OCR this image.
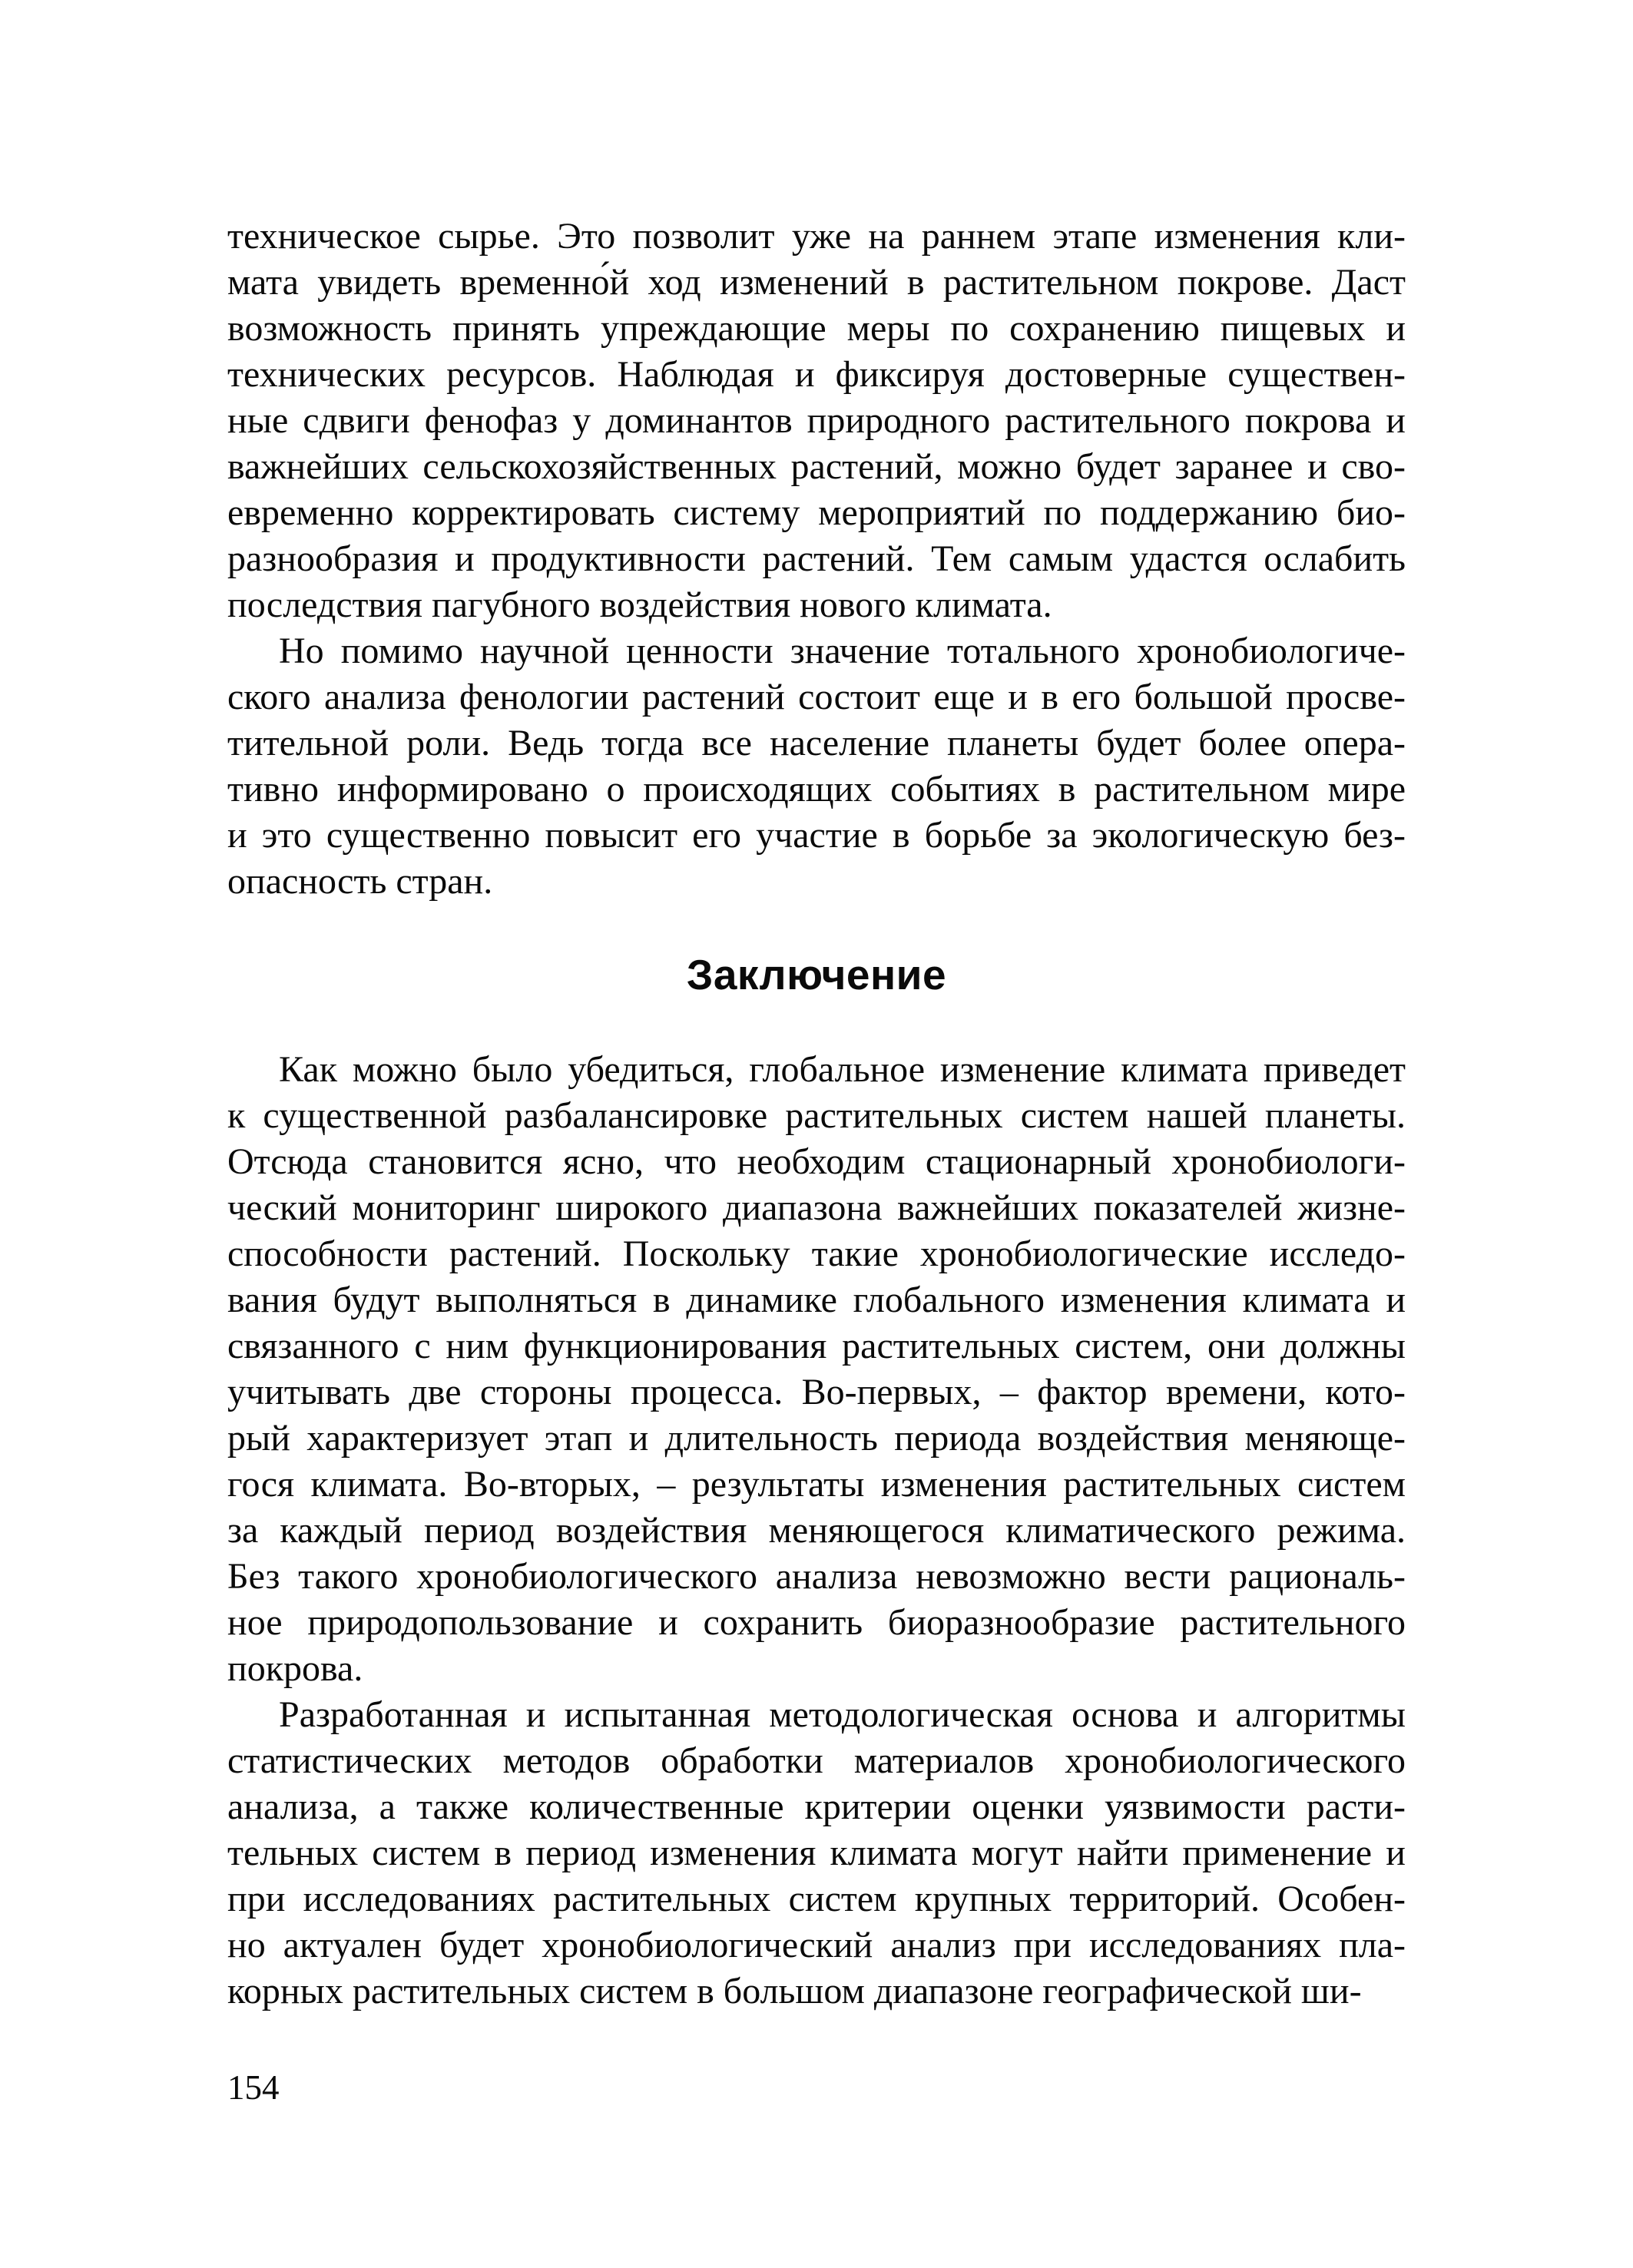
техническое сырье. Это позволит уже на раннем этапе изменения кли-
мата увидеть временно́й ход изменений в растительном покрове. Даст
возможность принять упреждающие меры по сохранению пищевых и
технических ресурсов. Наблюдая и фиксируя достоверные существен-
ные сдвиги фенофаз у доминантов природного растительного покрова и
важнейших сельскохозяйственных растений, можно будет заранее и сво-
евременно корректировать систему мероприятий по поддержанию био-
разнообразия и продуктивности растений. Тем самым удастся ослабить
последствия пагубного воздействия нового климата.
Но помимо научной ценности значение тотального хронобиологиче-
ского анализа фенологии растений состоит еще и в его большой просве-
тительной роли. Ведь тогда все население планеты будет более опера-
тивно информировано о происходящих событиях в растительном мире
и это существенно повысит его участие в борьбе за экологическую без-
опасность стран.
Заключение
Как можно было убедиться, глобальное изменение климата приведет
к существенной разбалансировке растительных систем нашей планеты.
Отсюда становится ясно, что необходим стационарный хронобиологи-
ческий мониторинг широкого диапазона важнейших показателей жизне-
способности растений. Поскольку такие хронобиологические исследо-
вания будут выполняться в динамике глобального изменения климата и
связанного с ним функционирования растительных систем, они должны
учитывать две стороны процесса. Во-первых, – фактор времени, кото-
рый характеризует этап и длительность периода воздействия меняюще-
гося климата. Во-вторых, – результаты изменения растительных систем
за каждый период воздействия меняющегося климатического режима.
Без такого хронобиологического анализа невозможно вести рациональ-
ное природопользование и сохранить биоразнообразие растительного
покрова.
Разработанная и испытанная методологическая основа и алгоритмы
статистических методов обработки материалов хронобиологического
анализа, а также количественные критерии оценки уязвимости расти-
тельных систем в период изменения климата могут найти применение и
при исследованиях растительных систем крупных территорий. Особен-
но актуален будет хронобиологический анализ при исследованиях пла-
корных растительных систем в большом диапазоне географической ши-
154
